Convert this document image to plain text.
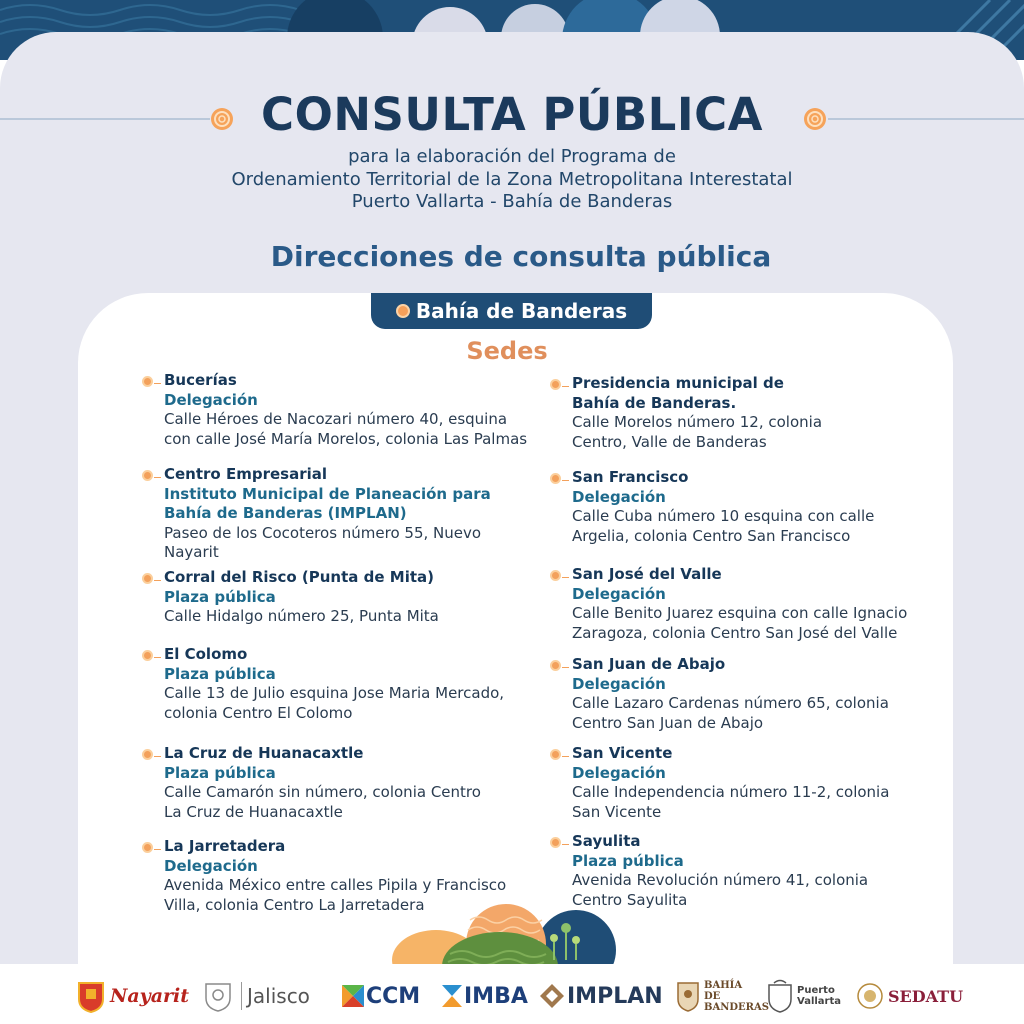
CONSULTA PÚBLICA
para la elaboración del Programa de
Ordenamiento Territorial de la Zona Metropolitana Interestatal
Puerto Vallarta - Bahía de Banderas
Direcciones de consulta pública
Bahía de Banderas
Sedes
Bucerías
Delegación
Calle Héroes de Nacozari número 40, esquina
con calle José María Morelos, colonia Las Palmas
Centro Empresarial
Instituto Municipal de Planeación para
Bahía de Banderas (IMPLAN)
Paseo de los Cocoteros número 55, Nuevo
Nayarit
Corral del Risco (Punta de Mita)
Plaza pública
Calle Hidalgo número 25, Punta Mita
El Colomo
Plaza pública
Calle 13 de Julio esquina Jose Maria Mercado,
colonia Centro El Colomo
La Cruz de Huanacaxtle
Plaza pública
Calle Camarón sin número, colonia Centro
La Cruz de Huanacaxtle
La Jarretadera
Delegación
Avenida México entre calles Pipila y Francisco
Villa, colonia Centro La Jarretadera
Presidencia municipal de
Bahía de Banderas.
Calle Morelos número 12, colonia
Centro, Valle de Banderas
San Francisco
Delegación
Calle Cuba número 10 esquina con calle
Argelia, colonia Centro San Francisco
San José del Valle
Delegación
Calle Benito Juarez esquina con calle Ignacio
Zaragoza, colonia Centro San José del Valle
San Juan de Abajo
Delegación
Calle Lazaro Cardenas número 65, colonia
Centro San Juan de Abajo
San Vicente
Delegación
Calle Independencia número 11-2, colonia
San Vicente
Sayulita
Plaza pública
Avenida Revolución número 41, colonia
Centro Sayulita
Nayarit	Jalisco	CCM IMBA IMPLAN	BAHÍA DE BANDERAS
Puerto Vallarta	SEDATU
